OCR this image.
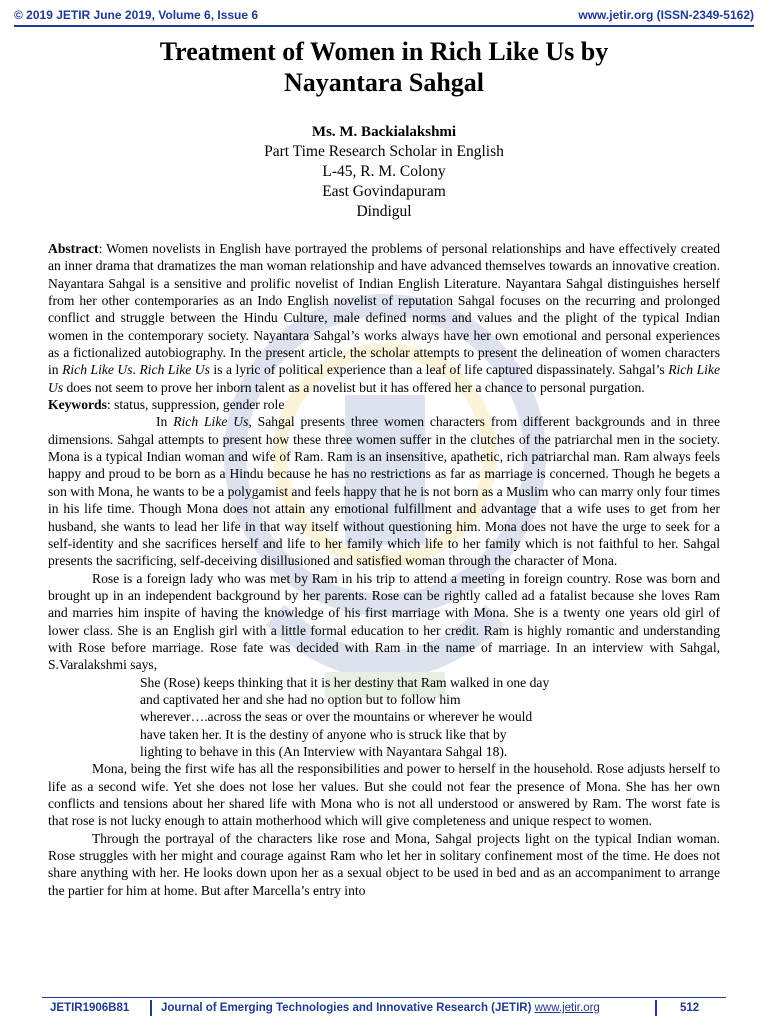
© 2019 JETIR June 2019, Volume 6, Issue 6	www.jetir.org (ISSN-2349-5162)
Treatment of Women in Rich Like Us by
Nayantara Sahgal
Ms. M. Backialakshmi
Part Time Research Scholar in English
L-45, R. M. Colony
East Govindapuram
Dindigul

Abstract: Women novelists in English have portrayed the problems of personal relationships and have effectively created an inner drama that dramatizes the man woman relationship and have advanced themselves towards an innovative creation. Nayantara Sahgal is a sensitive and prolific novelist of Indian English Literature. Nayantara Sahgal distinguishes herself from her other contemporaries as an Indo English novelist of reputation Sahgal focuses on the recurring and prolonged conflict and struggle between the Hindu Culture, male defined norms and values and the plight of the typical Indian women in the contemporary society. Nayantara Sahgal’s works always have her own emotional and personal experiences as a fictionalized autobiography. In the present article, the scholar attempts to present the delineation of women characters in Rich Like Us. Rich Like Us is a lyric of political experience than a leaf of life captured dispassinately. Sahgal’s Rich Like Us does not seem to prove her inborn talent as a novelist but it has offered her a chance to personal purgation.

Keywords: status, suppression, gender role

In Rich Like Us, Sahgal presents three women characters from different backgrounds and in three dimensions. Sahgal attempts to present how these three women suffer in the clutches of the patriarchal men in the society. Mona is a typical Indian woman and wife of Ram. Ram is an insensitive, apathetic, rich patriarchal man. Ram always feels happy and proud to be born as a Hindu because he has no restrictions as far as marriage is concerned. Though he begets a son with Mona, he wants to be a polygamist and feels happy that he is not born as a Muslim who can marry only four times in his life time. Though Mona does not attain any emotional fulfillment and advantage that a wife uses to get from her husband, she wants to lead her life in that way itself without questioning him. Mona does not have the urge to seek for a self-identity and she sacrifices herself and life to her family which life to her family which is not faithful to her. Sahgal presents the sacrificing, self-deceiving disillusioned and satisfied woman through the character of Mona.

Rose is a foreign lady who was met by Ram in his trip to attend a meeting in foreign country. Rose was born and brought up in an independent background by her parents. Rose can be rightly called ad a fatalist because she loves Ram and marries him inspite of having the knowledge of his first marriage with Mona. She is a twenty one years old girl of lower class. She is an English girl with a little formal education to her credit. Ram is highly romantic and understanding with Rose before marriage. Rose fate was decided with Ram in the name of marriage. In an interview with Sahgal, S.Varalakshmi says,

She (Rose) keeps thinking that it is her destiny that Ram walked in one day and captivated her and she had no option but to follow him wherever….across the seas or over the mountains or wherever he would have taken her. It is the destiny of anyone who is struck like that by lighting to behave in this (An Interview with Nayantara Sahgal 18).

Mona, being the first wife has all the responsibilities and power to herself in the household. Rose adjusts herself to life as a second wife. Yet she does not lose her values. But she could not fear the presence of Mona. She has her own conflicts and tensions about her shared life with Mona who is not all understood or answered by Ram. The worst fate is that rose is not lucky enough to attain motherhood which will give completeness and unique respect to women.

Through the portrayal of the characters like rose and Mona, Sahgal projects light on the typical Indian woman. Rose struggles with her might and courage against Ram who let her in solitary confinement most of the time. He does not share anything with her. He looks down upon her as a sexual object to be used in bed and as an accompaniment to arrange the partier for him at home. But after Marcella’s entry into

JETIR1906B81	Journal of Emerging Technologies and Innovative Research (JETIR) www.jetir.org	512
